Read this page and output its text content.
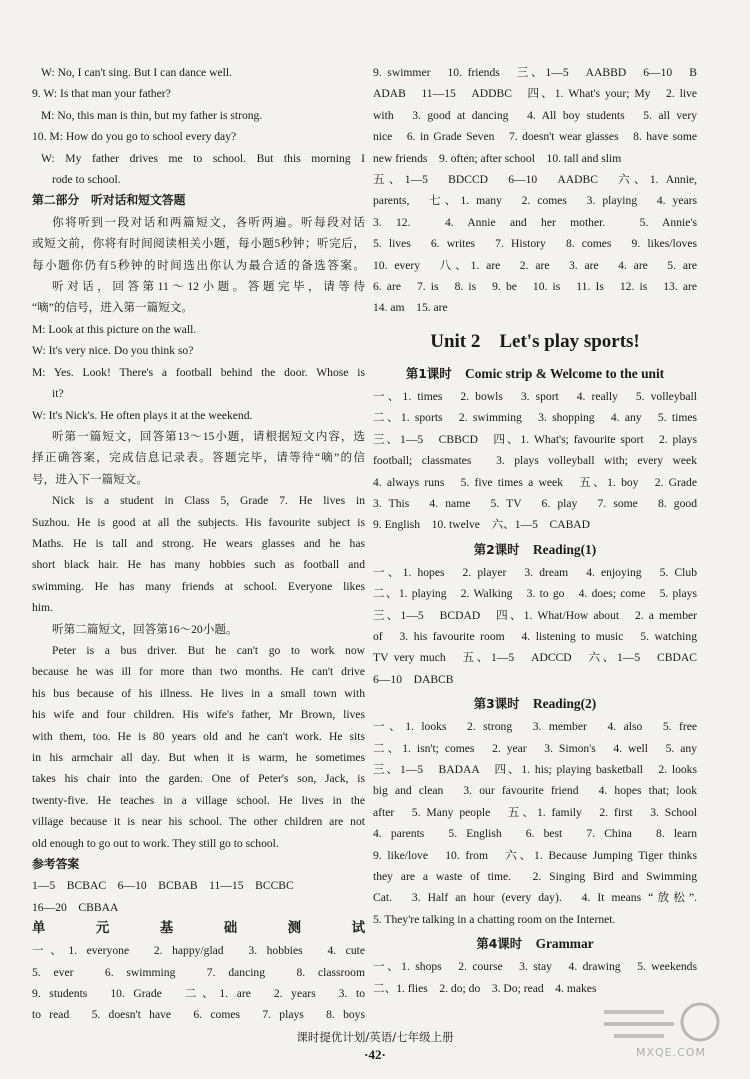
W: No, I can't sing. But I can dance well.
9. W: Is that man your father?
M: No, this man is thin, but my father is strong.
10. M: How do you go to school every day?
W: My father drives me to school. But this morning I
rode to school.
第二部分　听对话和短文答题
你将听到一段对话和两篇短文，各听两遍。听每段对话
或短文前，你将有时间阅读相关小题，每小题5秒钟；听完后，
每小题你仍有5秒钟的时间选出你认为最合适的备选答案。
听对话，回答第11～12小题。答题完毕，请等待
“嘀”的信号，进入第一篇短文。
M: Look at this picture on the wall.
W: It's very nice. Do you think so?
M: Yes. Look! There's a football behind the door. Whose is
it?
W: It's Nick's. He often plays it at the weekend.
听第一篇短文，回答第13～15小题，请根据短文内容，选
择正确答案，完成信息记录表。答题完毕，请等待“嘀”的信
号，进入下一篇短文。
Nick is a student in Class 5, Grade 7. He lives in
Suzhou. He is good at all the subjects. His favourite subject is
Maths. He is tall and strong. He wears glasses and he has
short black hair. He has many hobbies such as football and
swimming. He has many friends at school. Everyone likes
him.
听第二篇短文，回答第16～20小题。
Peter is a bus driver. But he can't go to work now
because he was ill for more than two months. He can't drive
his bus because of his illness. He lives in a small town with
his wife and four children. His wife's father, Mr Brown, lives
with them, too. He is 80 years old and he can't work. He sits
in his armchair all day. But when it is warm, he sometimes
takes his chair into the garden. One of Peter's son, Jack, is
twenty-five. He teaches in a village school. He lives in the
village because it is near his school. The other children are not
old enough to go out to work. They still go to school.
参考答案
1—5　BCBAC　6—10　BCBAB　11—15　BCCBC
16—20　CBBAA
单元基础测试
一、1. everyone　2. happy/glad　3. hobbies　4. cute
5. ever　6. swimming　7. dancing　8. classroom
9. students　10. Grade　二、1. are　2. years　3. to
to read　5. doesn't have　6. comes　7. plays　8. boys
9. swimmer　10. friends　三、1—5　AABBD　6—10　B
ADAB　11—15　ADDBC　四、1. What's your; My　2. live
with　3. good at dancing　4. All boy students　5. all very
nice　6. in Grade Seven　7. doesn't wear glasses　8. have some
new friends　9. often; after school　10. tall and slim
五、1—5　BDCCD　6—10　AADBC　六、1. Annie,
parents,　七、1. many　2. comes　3. playing　4. years
3. 12.　4. Annie and her mother.　5. Annie's
5. lives　6. writes　7. History　8. comes　9. likes/loves
10. every　八、1. are　2. are　3. are　4. are　5. are
6. are　7. is　8. is　9. be　10. is　11. Is　12. is　13. are
14. am　15. are
Unit 2　Let's play sports!
第1课时　 Comic strip & Welcome to the unit
一、1. times　2. bowls　3. sport　4. really　5. volleyball
二、1. sports　2. swimming　3. shopping　4. any　5. times
三、1—5　CBBCD　四、1. What's; favourite sport　2. plays
football; classmates　3. plays volleyball with; every week
4. always runs　5. five times a week　五、1. boy　2. Grade
3. This　4. name　5. TV　6. play　7. some　8. good
9. English　10. twelve　六、1—5　CABAD
第2课时　 Reading(1)
一、1. hopes　2. player　3. dream　4. enjoying　5. Club
二、1. playing　2. Walking　3. to go　4. does; come　5. plays
三、1—5　BCDAD　四、1. What/How about　2. a member
of　3. his favourite room　4. listening to music　5. watching
TV very much　五、1—5　ADCCD　六、1—5　CBDAC
6—10　DABCB
第3课时　 Reading(2)
一、1. looks　2. strong　3. member　4. also　5. free
二、1. isn't; comes　2. year　3. Simon's　4. well　5. any
三、1—5　BADAA　四、1. his; playing basketball　2. looks
big and clean　3. our favourite friend　4. hopes that; look
after　5. Many people　五、1. family　2. first　3. School
4. parents　5. English　6. best　7. China　8. learn
9. like/love　10. from　六、1. Because Jumping Tiger thinks
they are a waste of time.　2. Singing Bird and Swimming
Cat.　3. Half an hour (every day).　4. It means “放松”.
5. They're talking in a chatting room on the Internet.
第4课时　 Grammar
一、1. shops　2. course　3. stay　4. drawing　5. weekends
二、1. flies　2. do; do　3. Do; read　4. makes
课时提优计划/英语/七年级上册
·42·	MXQE.COM
